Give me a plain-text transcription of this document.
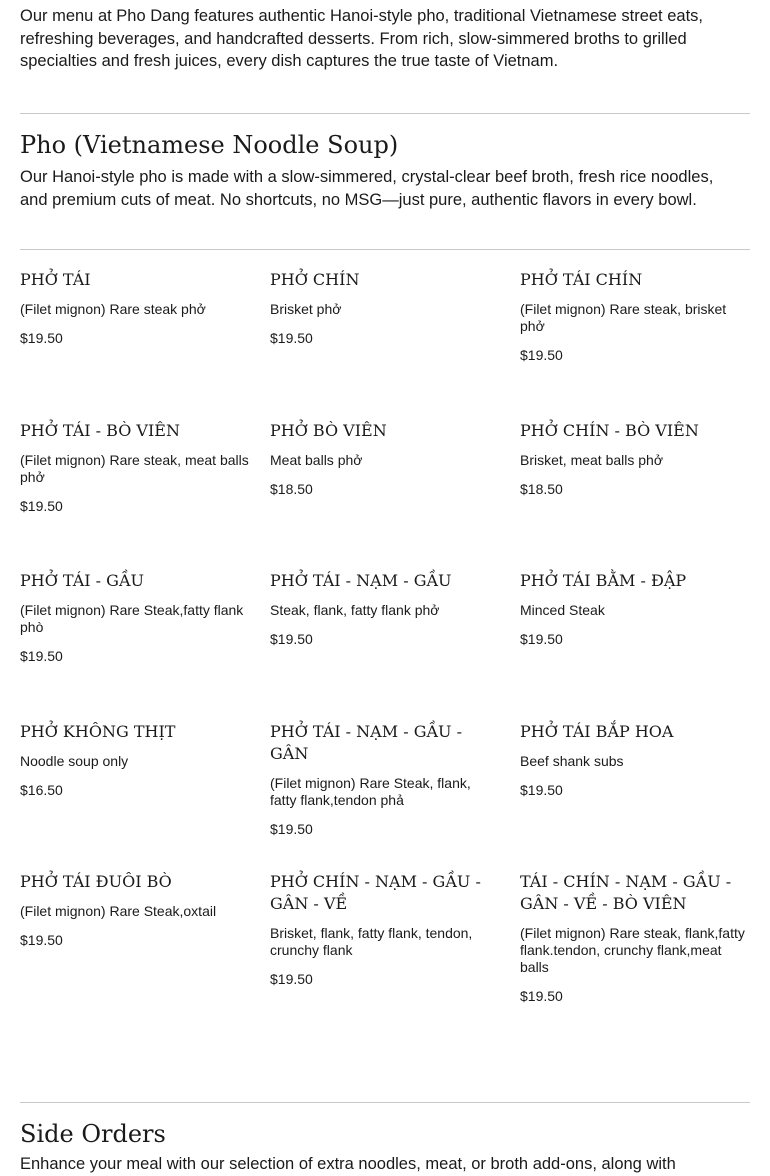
Our menu at Pho Dang features authentic Hanoi-style pho, traditional Vietnamese street eats, refreshing beverages, and handcrafted desserts. From rich, slow-simmered broths to grilled specialties and fresh juices, every dish captures the true taste of Vietnam.

Pho (Vietnamese Noodle Soup)

Our Hanoi-style pho is made with a slow-simmered, crystal-clear beef broth, fresh rice noodles, and premium cuts of meat. No shortcuts, no MSG—just pure, authentic flavors in every bowl.

PHỞ TÁI

(Filet mignon) Rare steak phở

$19.50

PHỞ CHÍN

Brisket phở

$19.50

PHỞ TÁI CHÍN

(Filet mignon) Rare steak, brisket phở

$19.50

PHỞ TÁI - BÒ VIÊN

(Filet mignon) Rare steak, meat balls phở

$19.50

PHỞ BÒ VIÊN

Meat balls phở

$18.50

PHỞ CHÍN - BÒ VIÊN

Brisket, meat balls phở

$18.50

PHỞ TÁI - GẦU

(Filet mignon) Rare Steak,fatty flank phò

$19.50

PHỞ TÁI - NẠM - GẦU

Steak, flank, fatty flank phở

$19.50

PHỞ TÁI BẰM - ĐẬP

Minced Steak

$19.50

PHỞ KHÔNG THỊT

Noodle soup only

$16.50

PHỞ TÁI - NẠM - GẦU - GÂN

(Filet mignon) Rare Steak, flank, fatty flank,tendon phả

$19.50

PHỞ TÁI BẮP HOA

Beef shank subs

$19.50

PHỞ TÁI ĐUÔI BÒ

(Filet mignon) Rare Steak,oxtail

$19.50

PHỞ CHÍN - NẠM - GẦU - GÂN - VỀ

Brisket, flank, fatty flank, tendon, crunchy flank

$19.50

TÁI - CHÍN - NẠM - GẦU - GÂN - VỀ - BÒ VIÊN

(Filet mignon) Rare steak, flank,fatty flank.tendon, crunchy flank,meat balls

$19.50

Side Orders

Enhance your meal with our selection of extra noodles, meat, or broth add-ons, along with
